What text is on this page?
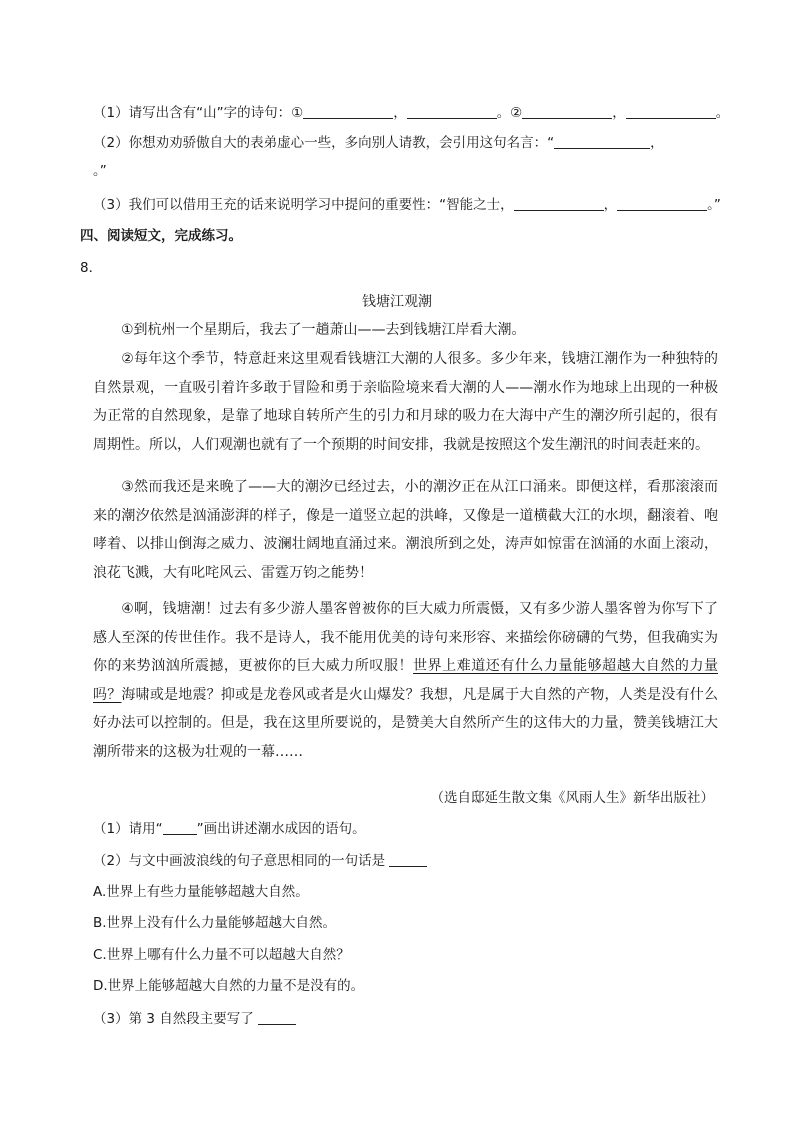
（1）请写出含有“山”字的诗句：①	，	。②	，	。
（2）你想劝劝骄傲自大的表弟虚心一些，多向别人请教，会引用这句名言：“	，
。”
（3）我们可以借用王充的话来说明学习中提问的重要性：“智能之士，	，	。”
四、阅读短文，完成练习。
8．
钱塘江观潮
①到杭州一个星期后，我去了一趟萧山——去到钱塘江岸看大潮。
②每年这个季节，特意赶来这里观看钱塘江大潮的人很多。多少年来，钱塘江潮作为一种独特的自然景观，一直吸引着许多敢于冒险和勇于亲临险境来看大潮的人——潮水作为地球上出现的一种极为正常的自然现象，是靠了地球自转所产生的引力和月球的吸力在大海中产生的潮汐所引起的，很有周期性。所以，人们观潮也就有了一个预期的时间安排，我就是按照这个发生潮汛的时间表赶来的。
③然而我还是来晚了——大的潮汐已经过去，小的潮汐正在从江口涌来。即便这样，看那滚滚而来的潮汐依然是汹涌澎湃的样子，像是一道竖立起的洪峰，又像是一道横截大江的水坝，翻滚着、咆哮着、以排山倒海之威力、波澜壮阔地直涌过来。潮浪所到之处，涛声如惊雷在汹涌的水面上滚动，浪花飞溅，大有叱咤风云、雷霆万钧之能势！
④啊，钱塘潮！过去有多少游人墨客曾被你的巨大威力所震慑，又有多少游人墨客曾为你写下了感人至深的传世佳作。我不是诗人，我不能用优美的诗句来形容、来描绘你磅礴的气势，但我确实为你的来势汹汹所震撼，更被你的巨大威力所叹服！世界上难道还有什么力量能够超越大自然的力量吗？海啸或是地震？抑或是龙卷风或者是火山爆发？我想，凡是属于大自然的产物，人类是没有什么好办法可以控制的。但是，我在这里所要说的，是赞美大自然所产生的这伟大的力量，赞美钱塘江大潮所带来的这极为壮观的一幕……
（选自邸延生散文集《风雨人生》新华出版社）
（1）请用“	”画出讲述潮水成因的语句。
（2）与文中画波浪线的句子意思相同的一句话是
A.世界上有些力量能够超越大自然。
B.世界上没有什么力量能够超越大自然。
C.世界上哪有什么力量不可以超越大自然？
D.世界上能够超越大自然的力量不是没有的。
（3）第 3 自然段主要写了
